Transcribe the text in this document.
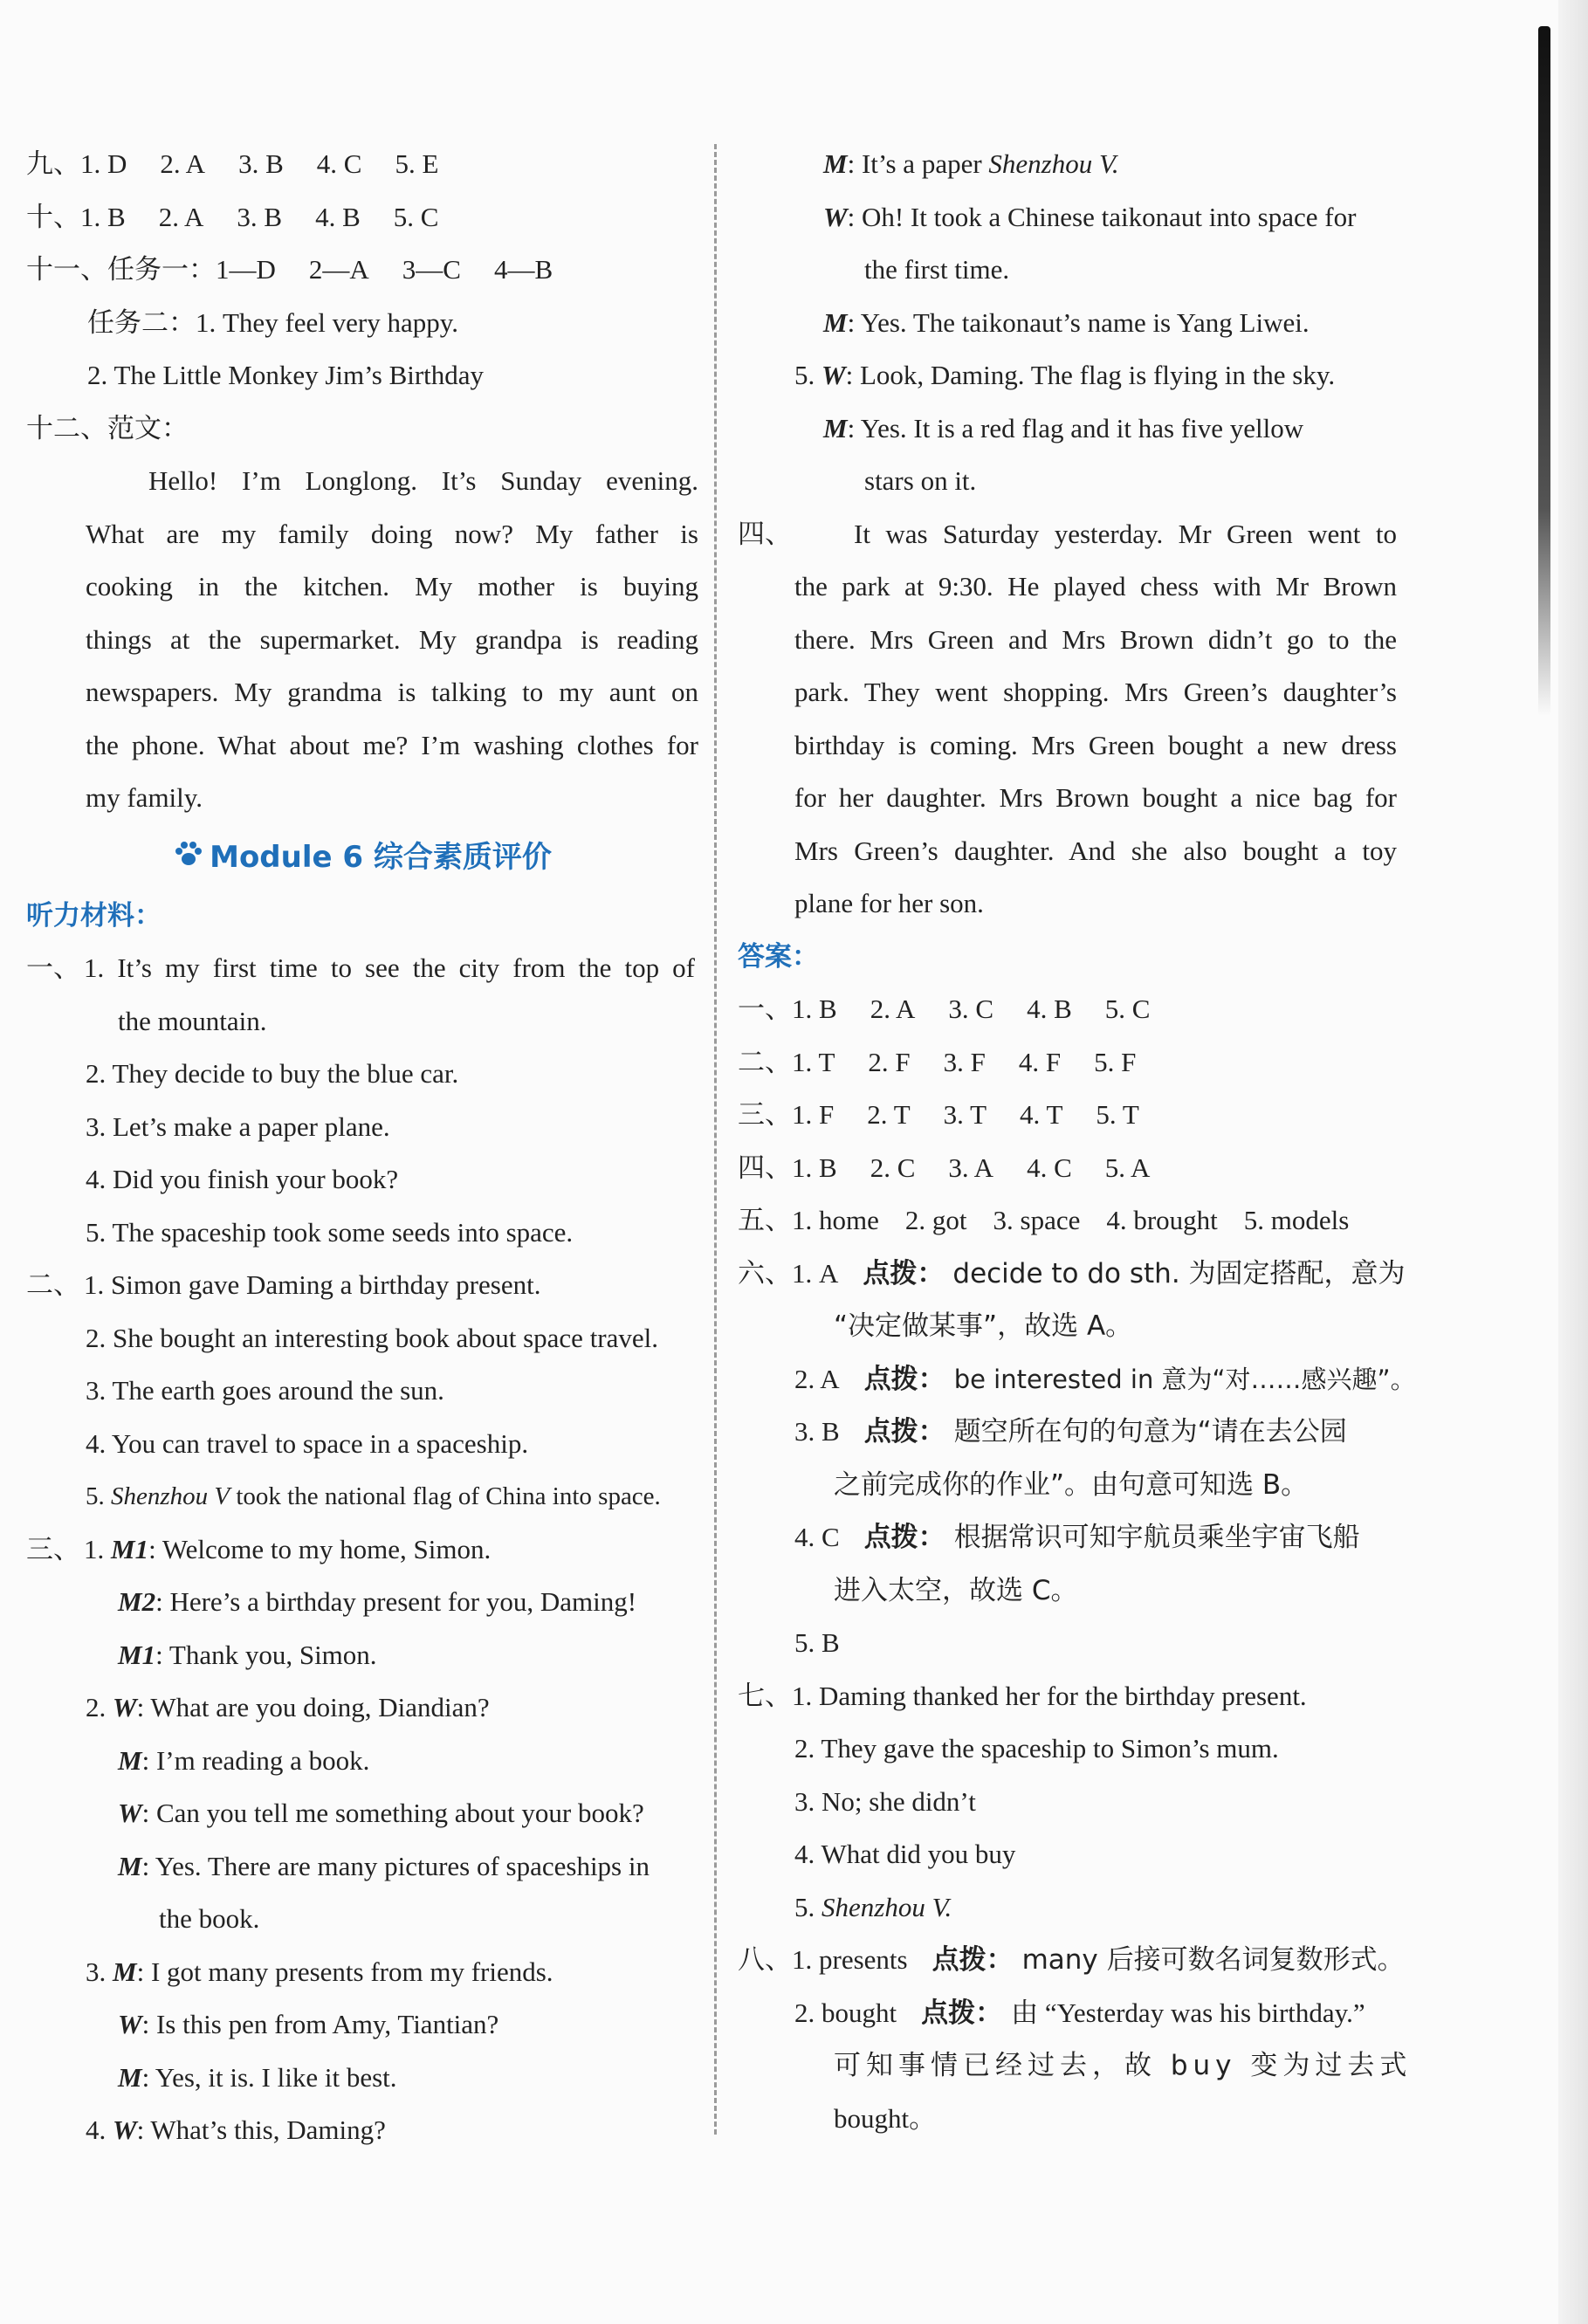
九、1. D 2. A 3. B 4. C 5. E
十、1. B 2. A 3. B 4. B 5. C
十一、任务一：1—D 2—A 3—C 4—B
任务二：1. They feel very happy.
2. The Little Monkey Jim’s Birthday
十二、范文：
Hello! I’m Longlong. It’s Sunday evening.
What are my family doing now? My father is
cooking in the kitchen. My mother is buying
things at the supermarket. My grandpa is reading
newspapers. My grandma is talking to my aunt on
the phone. What about me? I’m washing clothes for
my family.
Module 6 综合素质评价
听力材料：
一、 1. It’s my first time to see the city from the top of
the mountain.
2. They decide to buy the blue car.
3. Let’s make a paper plane.
4. Did you finish your book?
5. The spaceship took some seeds into space.
二、 1. Simon gave Daming a birthday present.
2. She bought an interesting book about space travel.
3. The earth goes around the sun.
4. You can travel to space in a spaceship.
5. Shenzhou V took the national flag of China into space.
三、 1. M1: Welcome to my home, Simon.
M2: Here’s a birthday present for you, Daming!
M1: Thank you, Simon.
2. W: What are you doing, Diandian?
M: I’m reading a book.
W: Can you tell me something about your book?
M: Yes. There are many pictures of spaceships in
the book.
3. M: I got many presents from my friends.
W: Is this pen from Amy, Tiantian?
M: Yes, it is. I like it best.
4. W: What’s this, Daming?
M: It’s a paper Shenzhou V.
W: Oh! It took a Chinese taikonaut into space for
the first time.
M: Yes. The taikonaut’s name is Yang Liwei.
5. W: Look, Daming. The flag is flying in the sky.
M: Yes. It is a red flag and it has five yellow
stars on it.
四、 It was Saturday yesterday. Mr Green went to
the park at 9:30. He played chess with Mr Brown
there. Mrs Green and Mrs Brown didn’t go to the
park. They went shopping. Mrs Green’s daughter’s
birthday is coming. Mrs Green bought a new dress
for her daughter. Mrs Brown bought a nice bag for
Mrs Green’s daughter. And she also bought a toy
plane for her son.
答案：
一、1. B 2. A 3. C 4. B 5. C
二、1. T 2. F 3. F 4. F 5. F
三、1. F 2. T 3. T 4. T 5. T
四、1. B 2. C 3. A 4. C 5. A
五、1. home 2. got 3. space 4. brought 5. models
六、1. A 点拨： decide to do sth. 为固定搭配，意为
“决定做某事”，故选 A。
2. A 点拨： be interested in 意为“对……感兴趣”。
3. B 点拨： 题空所在句的句意为“请在去公园
之前完成你的作业”。由句意可知选 B。
4. C 点拨： 根据常识可知宇航员乘坐宇宙飞船
进入太空，故选 C。
5. B
七、1. Daming thanked her for the birthday present.
2. They gave the spaceship to Simon’s mum.
3. No; she didn’t
4. What did you buy
5. Shenzhou V.
八、1. presents 点拨： many 后接可数名词复数形式。
2. bought 点拨： 由 “Yesterday was his birthday.”
可知事情已经过去，故 buy 变为过去式
bought。
